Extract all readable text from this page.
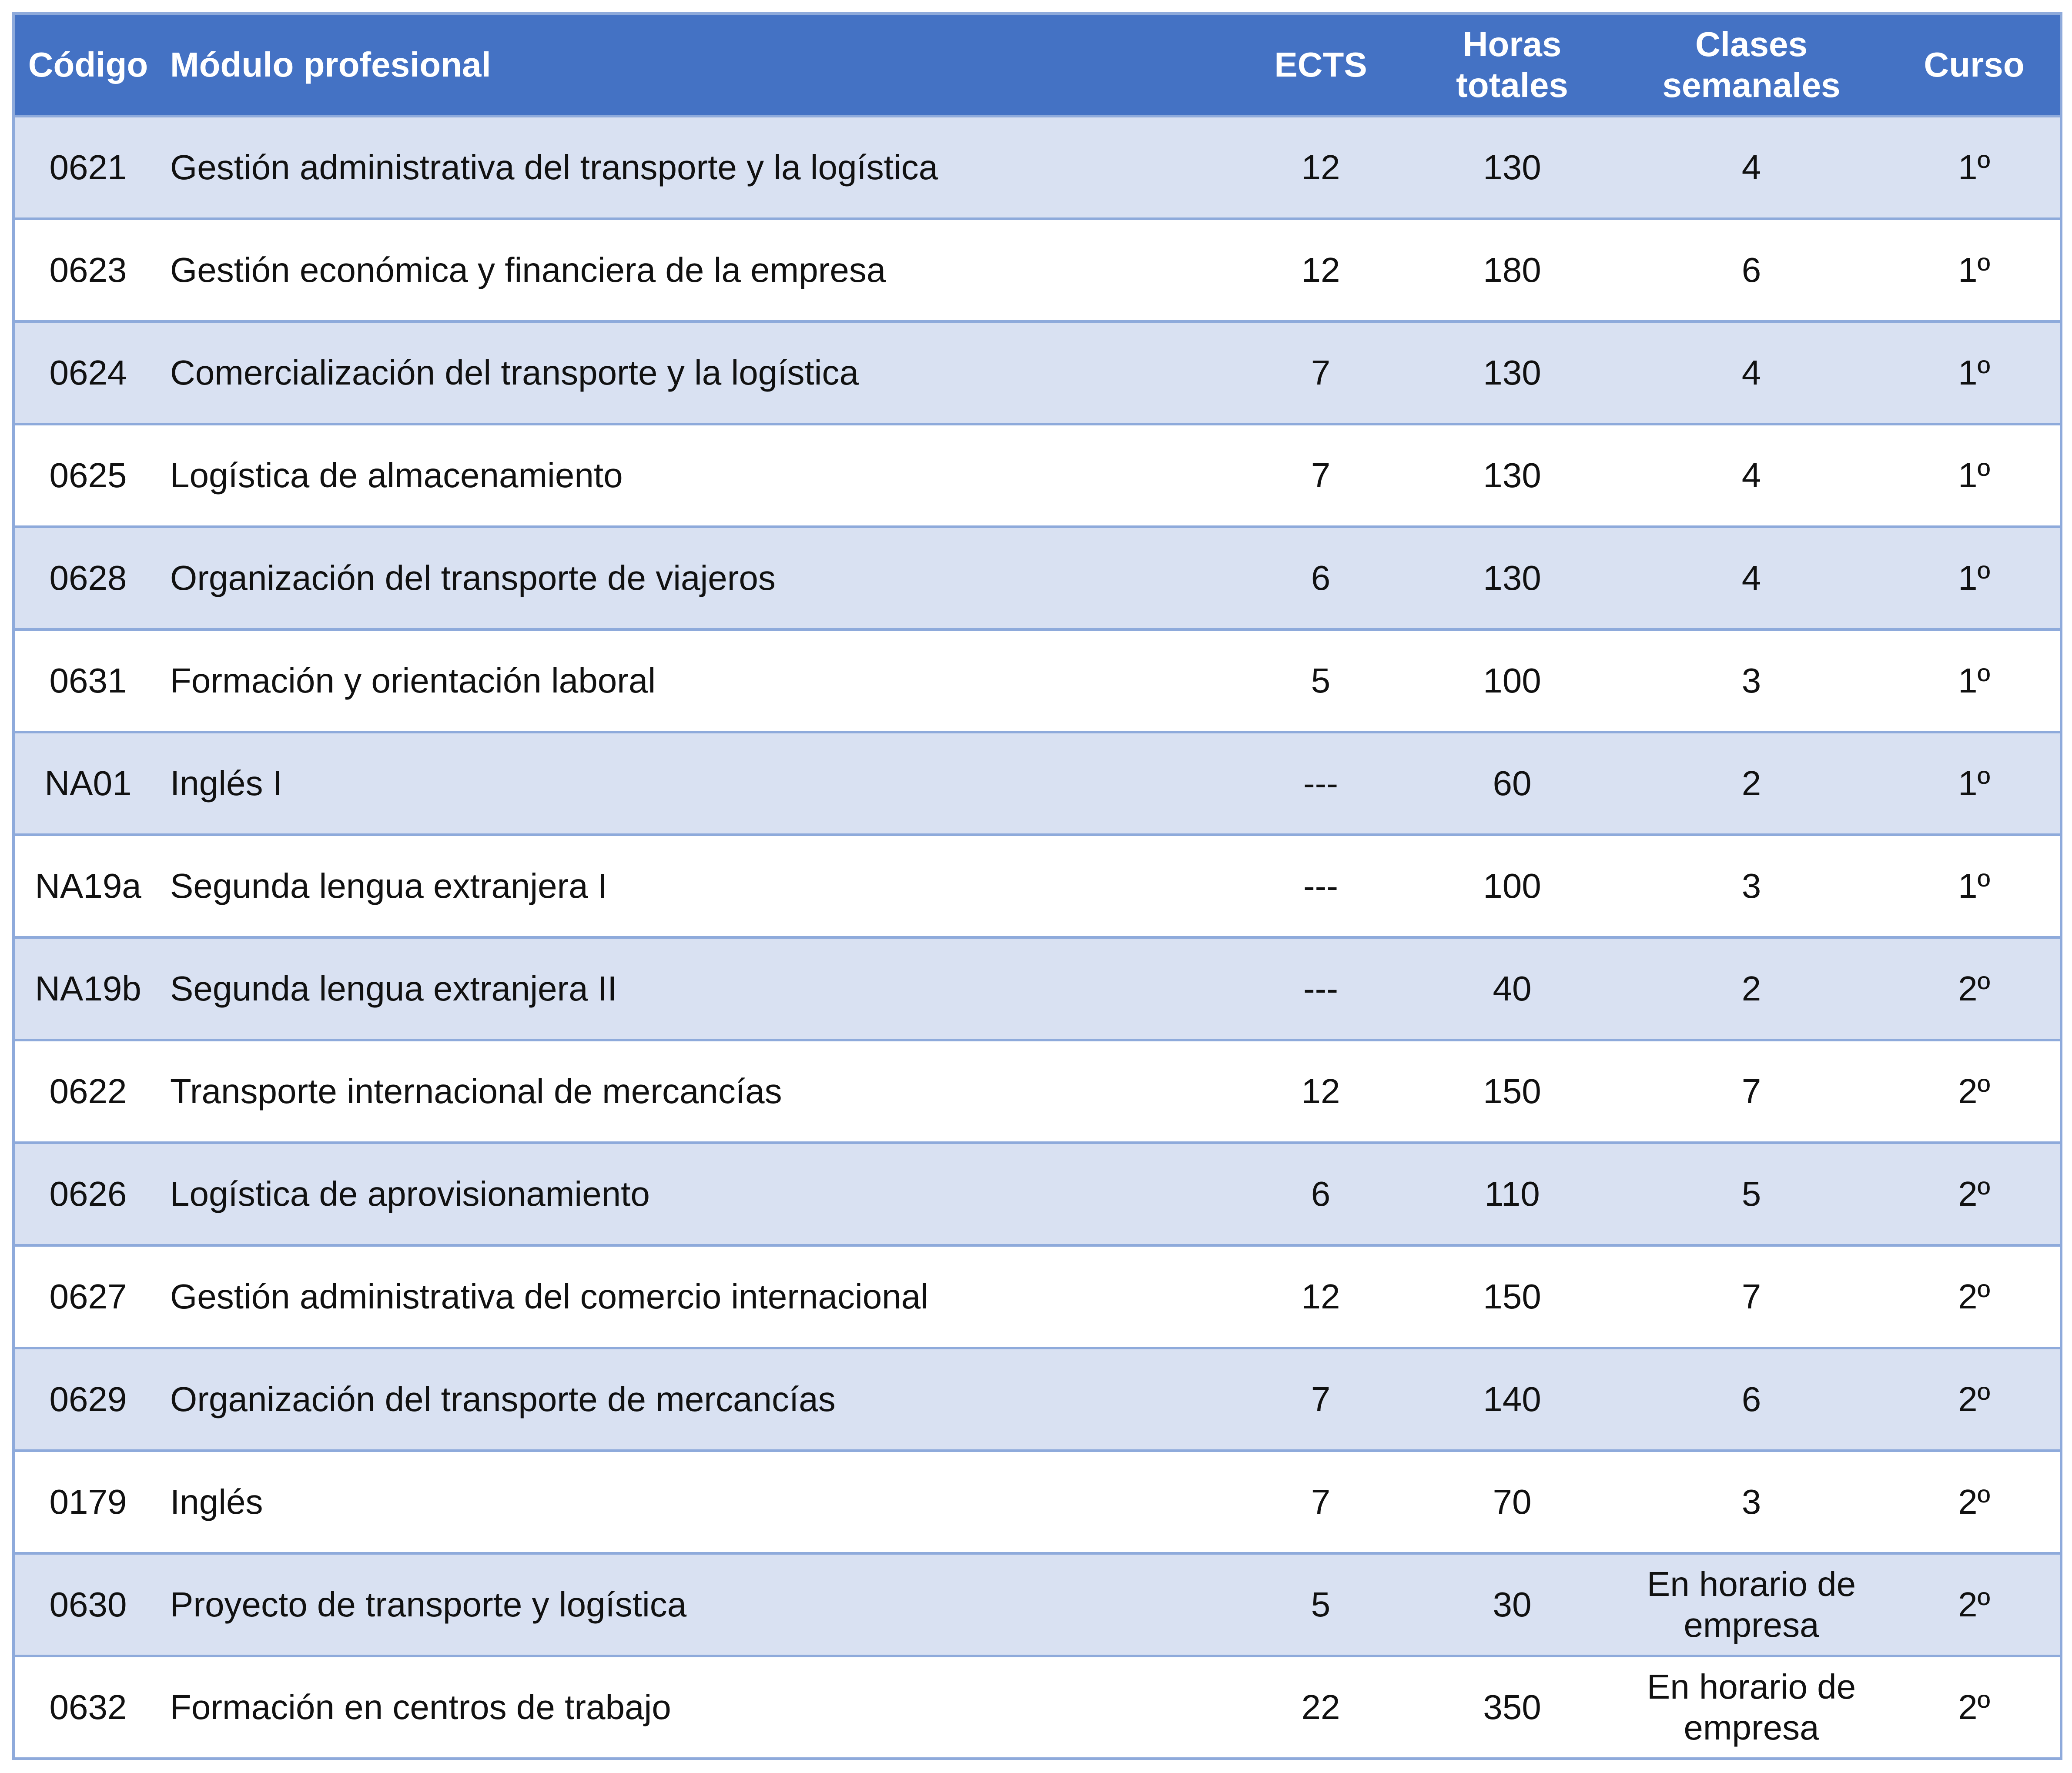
Código	Módulo profesional	ECTS	Horas totales	Clases semanales	Curso
0621	Gestión administrativa del transporte y la logística	12	130	4	1º
0623	Gestión económica y financiera de la empresa	12	180	6	1º
0624	Comercialización del transporte y la logística	7	130	4	1º
0625	Logística de almacenamiento	7	130	4	1º
0628	Organización del transporte de viajeros	6	130	4	1º
0631	Formación y orientación laboral	5	100	3	1º
NA01	Inglés I	---	60	2	1º
NA19a	Segunda lengua extranjera I	---	100	3	1º
NA19b	Segunda lengua extranjera II	---	40	2	2º
0622	Transporte internacional de mercancías	12	150	7	2º
0626	Logística de aprovisionamiento	6	110	5	2º
0627	Gestión administrativa del comercio internacional	12	150	7	2º
0629	Organización del transporte de mercancías	7	140	6	2º
0179	Inglés	7	70	3	2º
0630	Proyecto de transporte y logística	5	30	En horario de empresa	2º
0632	Formación en centros de trabajo	22	350	En horario de empresa	2º
